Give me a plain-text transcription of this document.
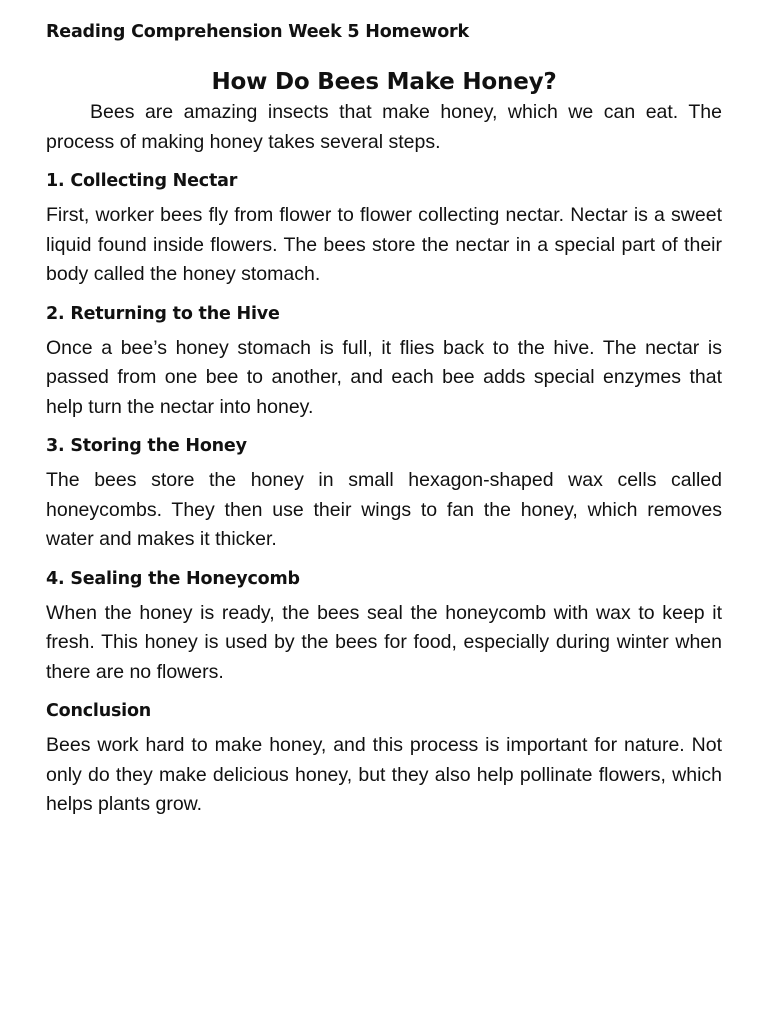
Reading Comprehension Week 5 Homework

How Do Bees Make Honey?

Bees are amazing insects that make honey, which we can eat. The process of making honey takes several steps.

1. Collecting Nectar

First, worker bees fly from flower to flower collecting nectar. Nectar is a sweet liquid found inside flowers. The bees store the nectar in a special part of their body called the honey stomach.

2. Returning to the Hive

Once a bee’s honey stomach is full, it flies back to the hive. The nectar is passed from one bee to another, and each bee adds special enzymes that help turn the nectar into honey.

3. Storing the Honey

The bees store the honey in small hexagon-shaped wax cells called honeycombs. They then use their wings to fan the honey, which removes water and makes it thicker.

4. Sealing the Honeycomb

When the honey is ready, the bees seal the honeycomb with wax to keep it fresh. This honey is used by the bees for food, especially during winter when there are no flowers.

Conclusion

Bees work hard to make honey, and this process is important for nature. Not only do they make delicious honey, but they also help pollinate flowers, which helps plants grow.
